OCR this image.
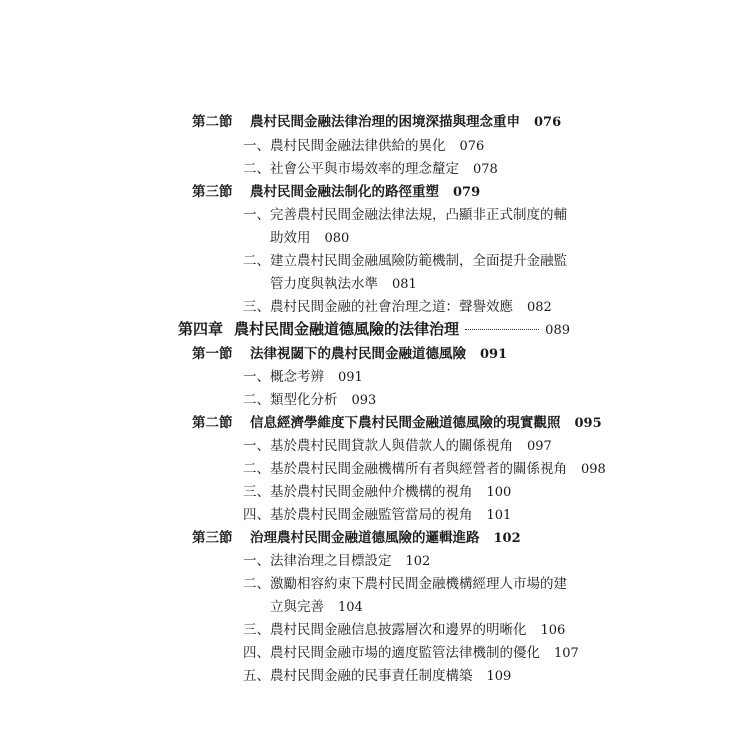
第二節 農村民間金融法律治理的困境深描與理念重申 076
一、農村民間金融法律供給的異化 076
二、社會公平與市場效率的理念釐定 078
第三節 農村民間金融法制化的路徑重塑 079
一、完善農村民間金融法律法規，凸顯非正式制度的輔
助效用 080
二、建立農村民間金融風險防範機制，全面提升金融監
管力度與執法水準 081
三、農村民間金融的社會治理之道：聲譽效應 082
第四章 農村民間金融道德風險的法律治理	089
第一節 法律視閾下的農村民間金融道德風險 091
一、概念考辨 091
二、類型化分析 093
第二節 信息經濟學維度下農村民間金融道德風險的現實觀照 095
一、基於農村民間貸款人與借款人的關係視角 097
二、基於農村民間金融機構所有者與經營者的關係視角 098
三、基於農村民間金融仲介機構的視角 100
四、基於農村民間金融監管當局的視角 101
第三節 治理農村民間金融道德風險的邏輯進路 102
一、法律治理之目標設定 102
二、激勵相容約束下農村民間金融機構經理人市場的建
立與完善 104
三、農村民間金融信息披露層次和邊界的明晰化 106
四、農村民間金融市場的適度監管法律機制的優化 107
五、農村民間金融的民事責任制度構築 109
